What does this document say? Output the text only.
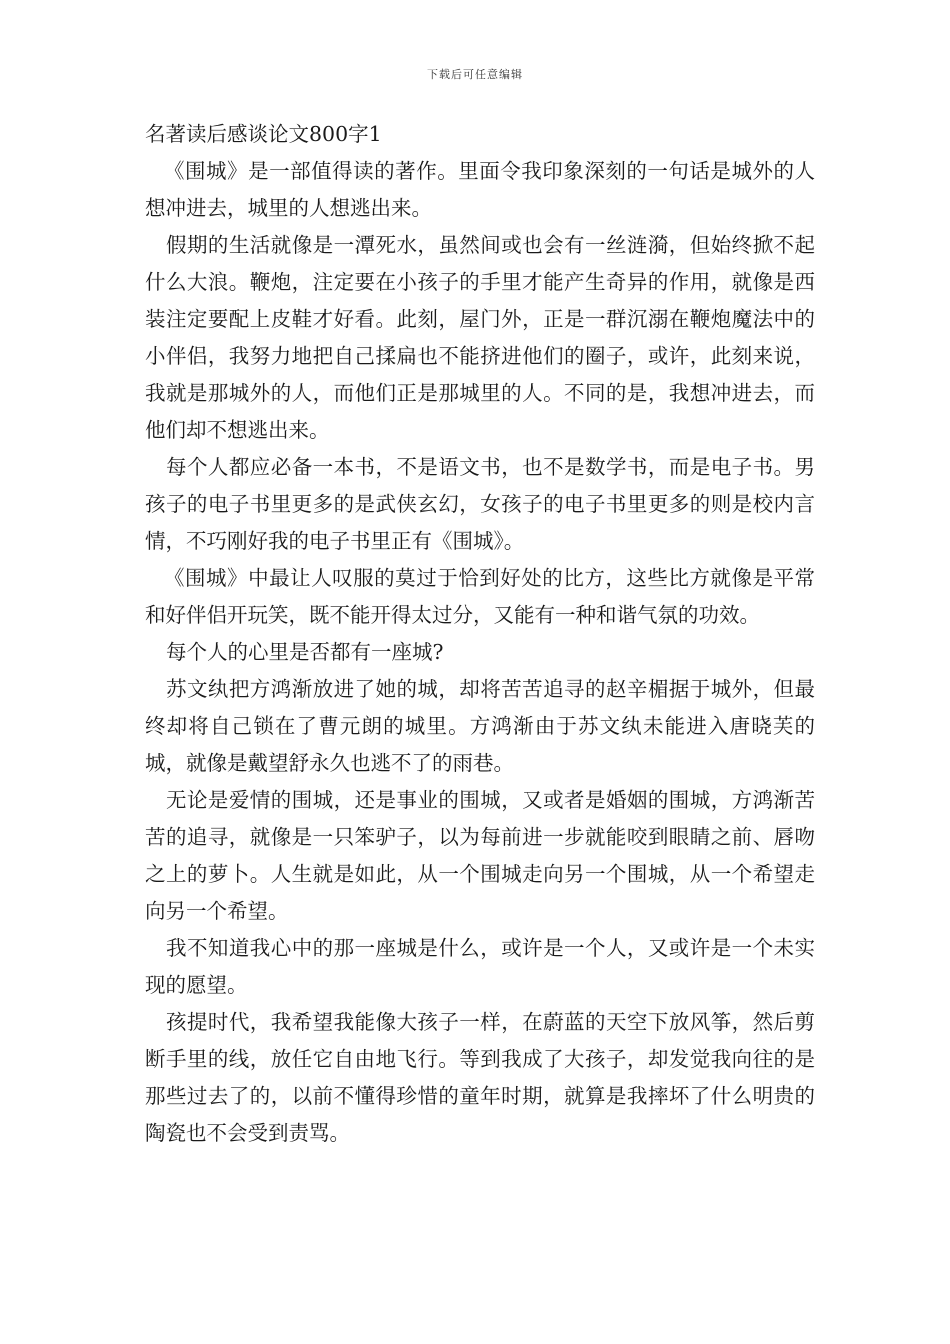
下载后可任意编辑

名著读后感谈论文800字1

《围城》是一部值得读的著作。里面令我印象深刻的一句话是城外的人想冲进去，城里的人想逃出来。

假期的生活就像是一潭死水，虽然间或也会有一丝涟漪，但始终掀不起什么大浪。鞭炮，注定要在小孩子的手里才能产生奇异的作用，就像是西装注定要配上皮鞋才好看。此刻，屋门外，正是一群沉溺在鞭炮魔法中的小伴侣，我努力地把自己揉扁也不能挤进他们的圈子，或许，此刻来说，我就是那城外的人，而他们正是那城里的人。不同的是，我想冲进去，而他们却不想逃出来。

每个人都应必备一本书，不是语文书，也不是数学书，而是电子书。男孩子的电子书里更多的是武侠玄幻，女孩子的电子书里更多的则是校内言情，不巧刚好我的电子书里正有《围城》。

《围城》中最让人叹服的莫过于恰到好处的比方，这些比方就像是平常和好伴侣开玩笑，既不能开得太过分，又能有一种和谐气氛的功效。

每个人的心里是否都有一座城?

苏文纨把方鸿渐放进了她的城，却将苦苦追寻的赵辛楣据于城外，但最终却将自己锁在了曹元朗的城里。方鸿渐由于苏文纨未能进入唐晓芙的城，就像是戴望舒永久也逃不了的雨巷。

无论是爱情的围城，还是事业的围城，又或者是婚姻的围城，方鸿渐苦苦的追寻，就像是一只笨驴子，以为每前进一步就能咬到眼睛之前、唇吻之上的萝卜。人生就是如此，从一个围城走向另一个围城，从一个希望走向另一个希望。

我不知道我心中的那一座城是什么，或许是一个人，又或许是一个未实现的愿望。

孩提时代，我希望我能像大孩子一样，在蔚蓝的天空下放风筝，然后剪断手里的线，放任它自由地飞行。等到我成了大孩子，却发觉我向往的是那些过去了的，以前不懂得珍惜的童年时期，就算是我摔坏了什么明贵的陶瓷也不会受到责骂。
